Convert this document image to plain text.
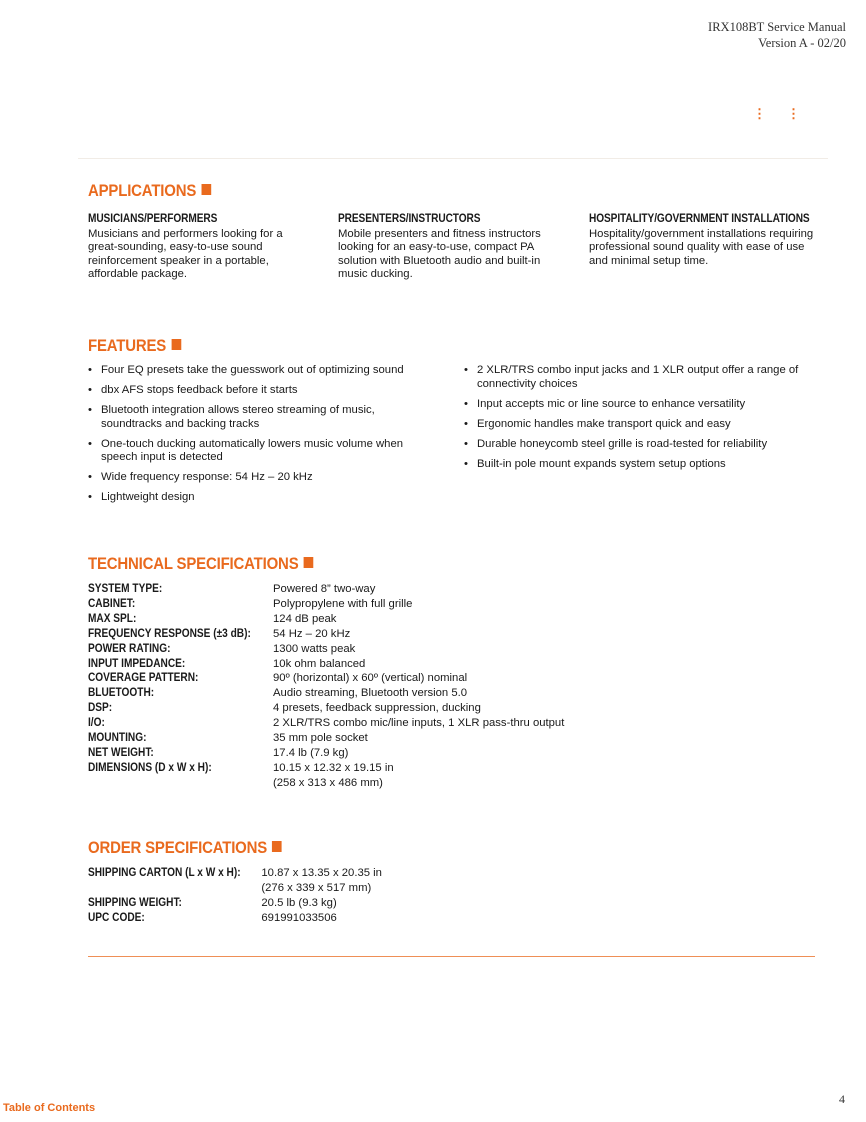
IRX108BT Service Manual
Version A - 02/20
⋮ ⋮
APPLICATIONS
MUSICIANS/PERFORMERS
Musicians and performers looking for a great-sounding, easy-to-use sound reinforcement speaker in a portable, affordable package.
PRESENTERS/INSTRUCTORS
Mobile presenters and fitness instructors looking for an easy-to-use, compact PA solution with Bluetooth audio and built-in music ducking.
HOSPITALITY/GOVERNMENT INSTALLATIONS
Hospitality/government installations requiring professional sound quality with ease of use and minimal setup time.
FEATURES
• Four EQ presets take the guesswork out of optimizing sound
• dbx AFS stops feedback before it starts
• Bluetooth integration allows stereo streaming of music, soundtracks and backing tracks
• One-touch ducking automatically lowers music volume when speech input is detected
• Wide frequency response: 54 Hz – 20 kHz
• Lightweight design
• 2 XLR/TRS combo input jacks and 1 XLR output offer a range of connectivity choices
• Input accepts mic or line source to enhance versatility
• Ergonomic handles make transport quick and easy
• Durable honeycomb steel grille is road-tested for reliability
• Built-in pole mount expands system setup options
TECHNICAL SPECIFICATIONS
SYSTEM TYPE:	Powered 8” two-way

CABINET:	Polypropylene with full grille

MAX SPL:	124 dB peak

FREQUENCY RESPONSE (±3 dB):	54 Hz – 20 kHz

POWER RATING:	1300 watts peak

INPUT IMPEDANCE:	10k ohm balanced

COVERAGE PATTERN:	90º (horizontal) x 60º (vertical) nominal

BLUETOOTH:	Audio streaming, Bluetooth version 5.0

DSP:	4 presets, feedback suppression, ducking

I/O:	2 XLR/TRS combo mic/line inputs, 1 XLR pass-thru output

MOUNTING:	35 mm pole socket

NET WEIGHT:	17.4 lb (7.9 kg)

DIMENSIONS (D x W x H):	10.15 x 12.32 x 19.15 in
(258 x 313 x 486 mm)
ORDER SPECIFICATIONS
SHIPPING CARTON (L x W x H):	10.87 x 13.35 x 20.35 in
(276 x 339 x 517 mm)

SHIPPING WEIGHT:	20.5 lb (9.3 kg)

UPC CODE:	691991033506
Table of Contents
4
